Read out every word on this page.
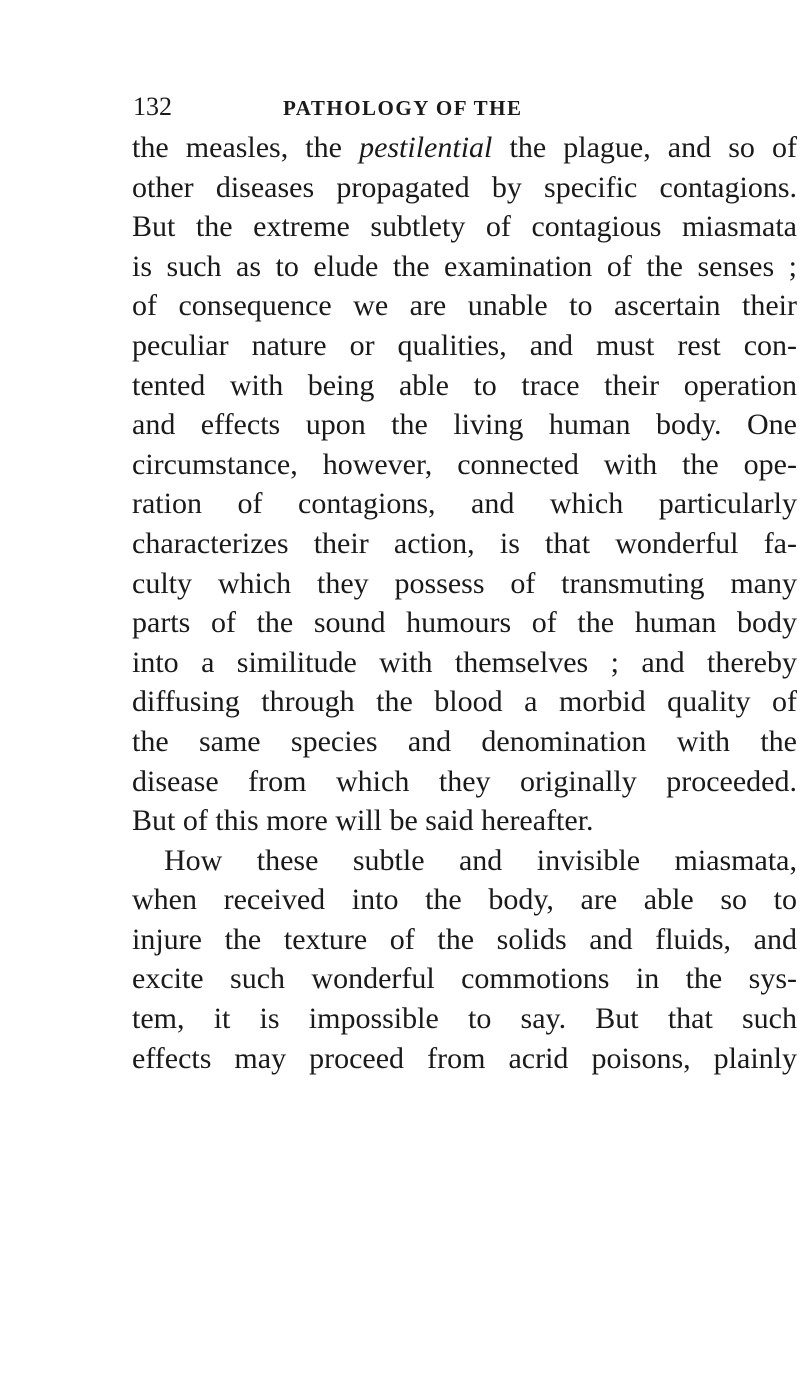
132	PATHOLOGY OF THE
the measles, the pestilential the plague, and so of
other diseases propagated by specific contagions.
But the extreme subtlety of contagious miasmata
is such as to elude the examination of the senses ;
of consequence we are unable to ascertain their
peculiar nature or qualities, and must rest con-
tented with being able to trace their operation
and effects upon the living human body. One
circumstance, however, connected with the ope-
ration of contagions, and which particularly
characterizes their action, is that wonderful fa-
culty which they possess of transmuting many
parts of the sound humours of the human body
into a similitude with themselves ; and thereby
diffusing through the blood a morbid quality of
the same species and denomination with the
disease from which they originally proceeded.
But of this more will be said hereafter.
How these subtle and invisible miasmata,
when received into the body, are able so to
injure the texture of the solids and fluids, and
excite such wonderful commotions in the sys-
tem, it is impossible to say. But that such
effects may proceed from acrid poisons, plainly
